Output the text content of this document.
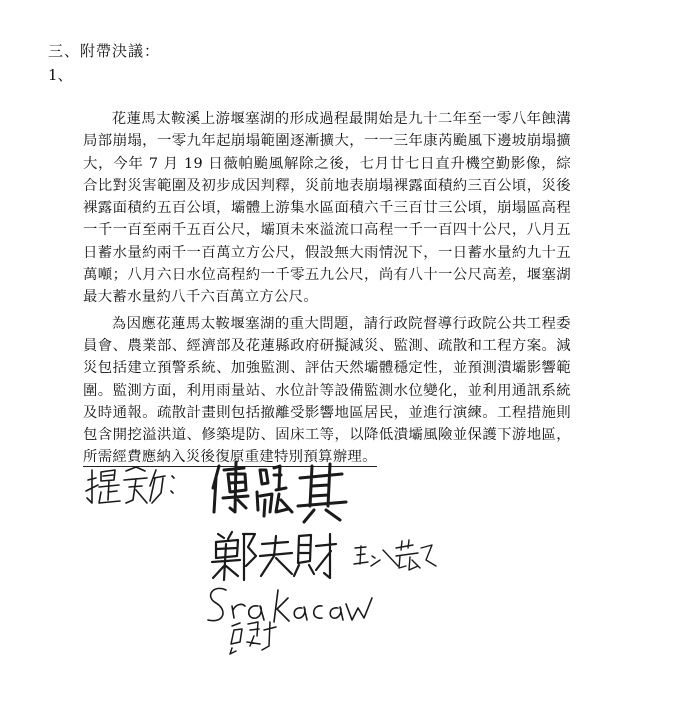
三、附帶決議：
1、

花蓮馬太鞍溪上游堰塞湖的形成過程最開始是九十二年至一零八年蝕溝局部崩塌，一零九年起崩塌範圍逐漸擴大，一一三年康芮颱風下邊坡崩塌擴大，今年 7 月 19 日薇帕颱風解除之後，七月廿七日直升機空勤影像，綜合比對災害範圍及初步成因判釋，災前地表崩塌裸露面積約三百公頃，災後裸露面積約五百公頃，壩體上游集水區面積六千三百廿三公頃，崩塌區高程一千一百至兩千五百公尺，壩頂未來溢流口高程一千一百四十公尺，八月五日蓄水量約兩千一百萬立方公尺，假設無大雨情況下，一日蓄水量約九十五萬噸；八月六日水位高程約一千零五九公尺，尚有八十一公尺高差，堰塞湖最大蓄水量約八千六百萬立方公尺。

為因應花蓮馬太鞍堰塞湖的重大問題，請行政院督導行政院公共工程委員會、農業部、經濟部及花蓮縣政府研擬減災、監測、疏散和工程方案。減災包括建立預警系統、加強監測、評估天然壩體穩定性，並預測潰壩影響範圍。監測方面，利用雨量站、水位計等設備監測水位變化，並利用通訊系統及時通報。疏散計畫則包括撤離受影響地區居民，並進行演練。工程措施則包含開挖溢洪道、修築堤防、固床工等，以降低潰壩風險並保護下游地區，所需經費應納入災後復原重建特別預算辦理。
